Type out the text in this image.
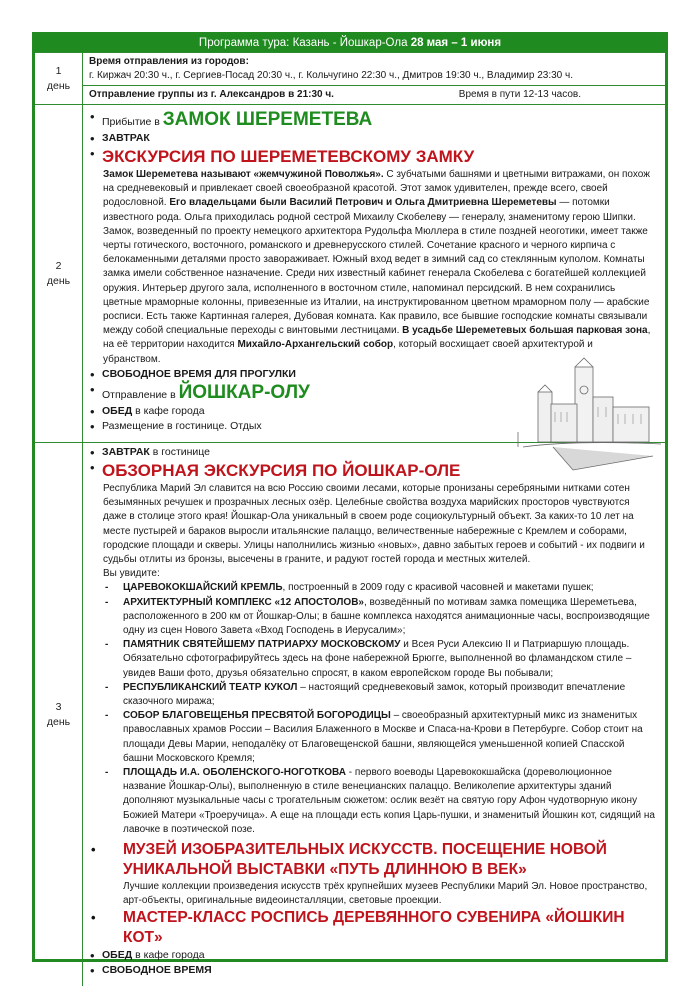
Программа тура: Казань - Йошкар-Ола 28 мая – 1 июня
1
день
Время отправления из городов:
г. Киржач 20:30 ч., г. Сергиев-Посад 20:30 ч., г. Кольчугино 22:30 ч., Дмитров 19:30 ч., Владимир 23:30 ч.
Отправление группы из г. Александров в 21:30 ч.	Время в пути 12-13 часов.
2
день
• Прибытие в ЗАМОК ШЕРЕМЕТЕВА
• ЗАВТРАК
• ЭКСКУРСИЯ ПО ШЕРЕМЕТЕВСКОМУ ЗАМКУ
Замок Шереметева называют «жемчужиной Поволжья». С зубчатыми башнями и цветными витражами, он похож на средневековый и привлекает своей своеобразной красотой. Этот замок удивителен, прежде всего, своей родословной. Его владельцами были Василий Петрович и Ольга Дмитриевна Шереметевы — потомки известного рода. Ольга приходилась родной сестрой Михаилу Скобелеву — генералу, знаменитому герою Шипки. Замок, возведенный по проекту немецкого архитектора Рудольфа Мюллера в стиле поздней неоготики, имеет также черты готического, восточного, романского и древнерусского стилей. Сочетание красного и черного кирпича с белокаменными деталями просто завораживает. Южный вход ведет в зимний сад со стеклянным куполом. Комнаты замка имели собственное назначение. Среди них известный кабинет генерала Скобелева с богатейшей коллекцией оружия. Интерьер другого зала, исполненного в восточном стиле, напоминал персидский. В нем сохранились цветные мраморные колонны, привезенные из Италии, на инструктированном цветном мраморном полу — арабские росписи. Есть также Картинная галерея, Дубовая комната. Как правило, все бывшие господские комнаты связывали между собой специальные переходы с винтовыми лестницами. В усадьбе Шереметевых большая парковая зона, на её территории находится Михайло-Архангельский собор, который восхищает своей архитектурой и убранством.
• СВОБОДНОЕ ВРЕМЯ ДЛЯ ПРОГУЛКИ
• Отправление в ЙОШКАР-ОЛУ
• ОБЕД в кафе города
• Размещение в гостинице. Отдых
3
день
• ЗАВТРАК в гостинице
• ОБЗОРНАЯ ЭКСКУРСИЯ ПО ЙОШКАР-ОЛЕ
Республика Марий Эл славится на всю Россию своими лесами, которые пронизаны серебряными нитками сотен безымянных речушек и прозрачных лесных озёр. Целебные свойства воздуха марийских просторов чувствуются даже в столице этого края! Йошкар-Ола уникальный в своем роде социокультурный объект. За каких-то 10 лет на месте пустырей и бараков выросли итальянские палаццо, величественные набережные с Кремлем и соборами, городские площади и скверы. Улицы наполнились жизнью «новых», давно забытых героев и событий - их подвиги и судьбы отлиты из бронзы, высечены в граните, и радуют гостей города и местных жителей.
Вы увидите:
- ЦАРЕВОКОКШАЙСКИЙ КРЕМЛЬ, построенный в 2009 году с красивой часовней и макетами пушек;
- АРХИТЕКТУРНЫЙ КОМПЛЕКС «12 АПОСТОЛОВ», возведённый по мотивам замка помещика Шереметьева, расположенного в 200 км от Йошкар-Олы; в башне комплекса находятся анимационные часы, воспроизводящие одну из сцен Нового Завета «Вход Господень в Иерусалим»;
- ПАМЯТНИК СВЯТЕЙШЕМУ ПАТРИАРХУ МОСКОВСКОМУ и Всея Руси Алексию II и Патриаршую площадь. Обязательно сфотографируйтесь здесь на фоне набережной Брюгге, выполненной во фламандском стиле – увидев Ваши фото, друзья обязательно спросят, в каком европейском городе Вы побывали;
- РЕСПУБЛИКАНСКИЙ ТЕАТР КУКОЛ – настоящий средневековый замок, который производит впечатление сказочного миража;
- СОБОР БЛАГОВЕЩЕНЬЯ ПРЕСВЯТОЙ БОГОРОДИЦЫ – своеобразный архитектурный микс из знаменитых православных храмов России – Василия Блаженного в Москве и Спаса-на-Крови в Петербурге. Собор стоит на площади Девы Марии, неподалёку от Благовещенской башни, являющейся уменьшенной копией Спасской башни Московского Кремля;
- ПЛОЩАДЬ И.А. ОБОЛЕНСКОГО-НОГОТКОВА - первого воеводы Царевококшайска (дореволюционное название Йошкар-Олы), выполненную в стиле венецианских палаццо. Великолепие архитектуры зданий дополняют музыкальные часы с трогательным сюжетом: ослик везёт на святую гору Афон чудотворную икону Божией Матери «Троеручица». А еще на площади есть копия Царь-пушки, и знаменитый Йошкин кот, сидящий на лавочке в поэтической позе.
• МУЗЕЙ ИЗОБРАЗИТЕЛЬНЫХ ИСКУССТВ. ПОСЕЩЕНИЕ НОВОЙ УНИКАЛЬНОЙ ВЫСТАВКИ «ПУТЬ ДЛИННОЮ В ВЕК»
Лучшие коллекции произведения искусств трёх крупнейших музеев Республики Марий Эл. Новое пространство, арт-объекты, оригинальные видеоинсталляции, световые проекции.
• МАСТЕР-КЛАСС РОСПИСЬ ДЕРЕВЯННОГО СУВЕНИРА «ЙОШКИН КОТ»
• ОБЕД в кафе города
• СВОБОДНОЕ ВРЕМЯ
